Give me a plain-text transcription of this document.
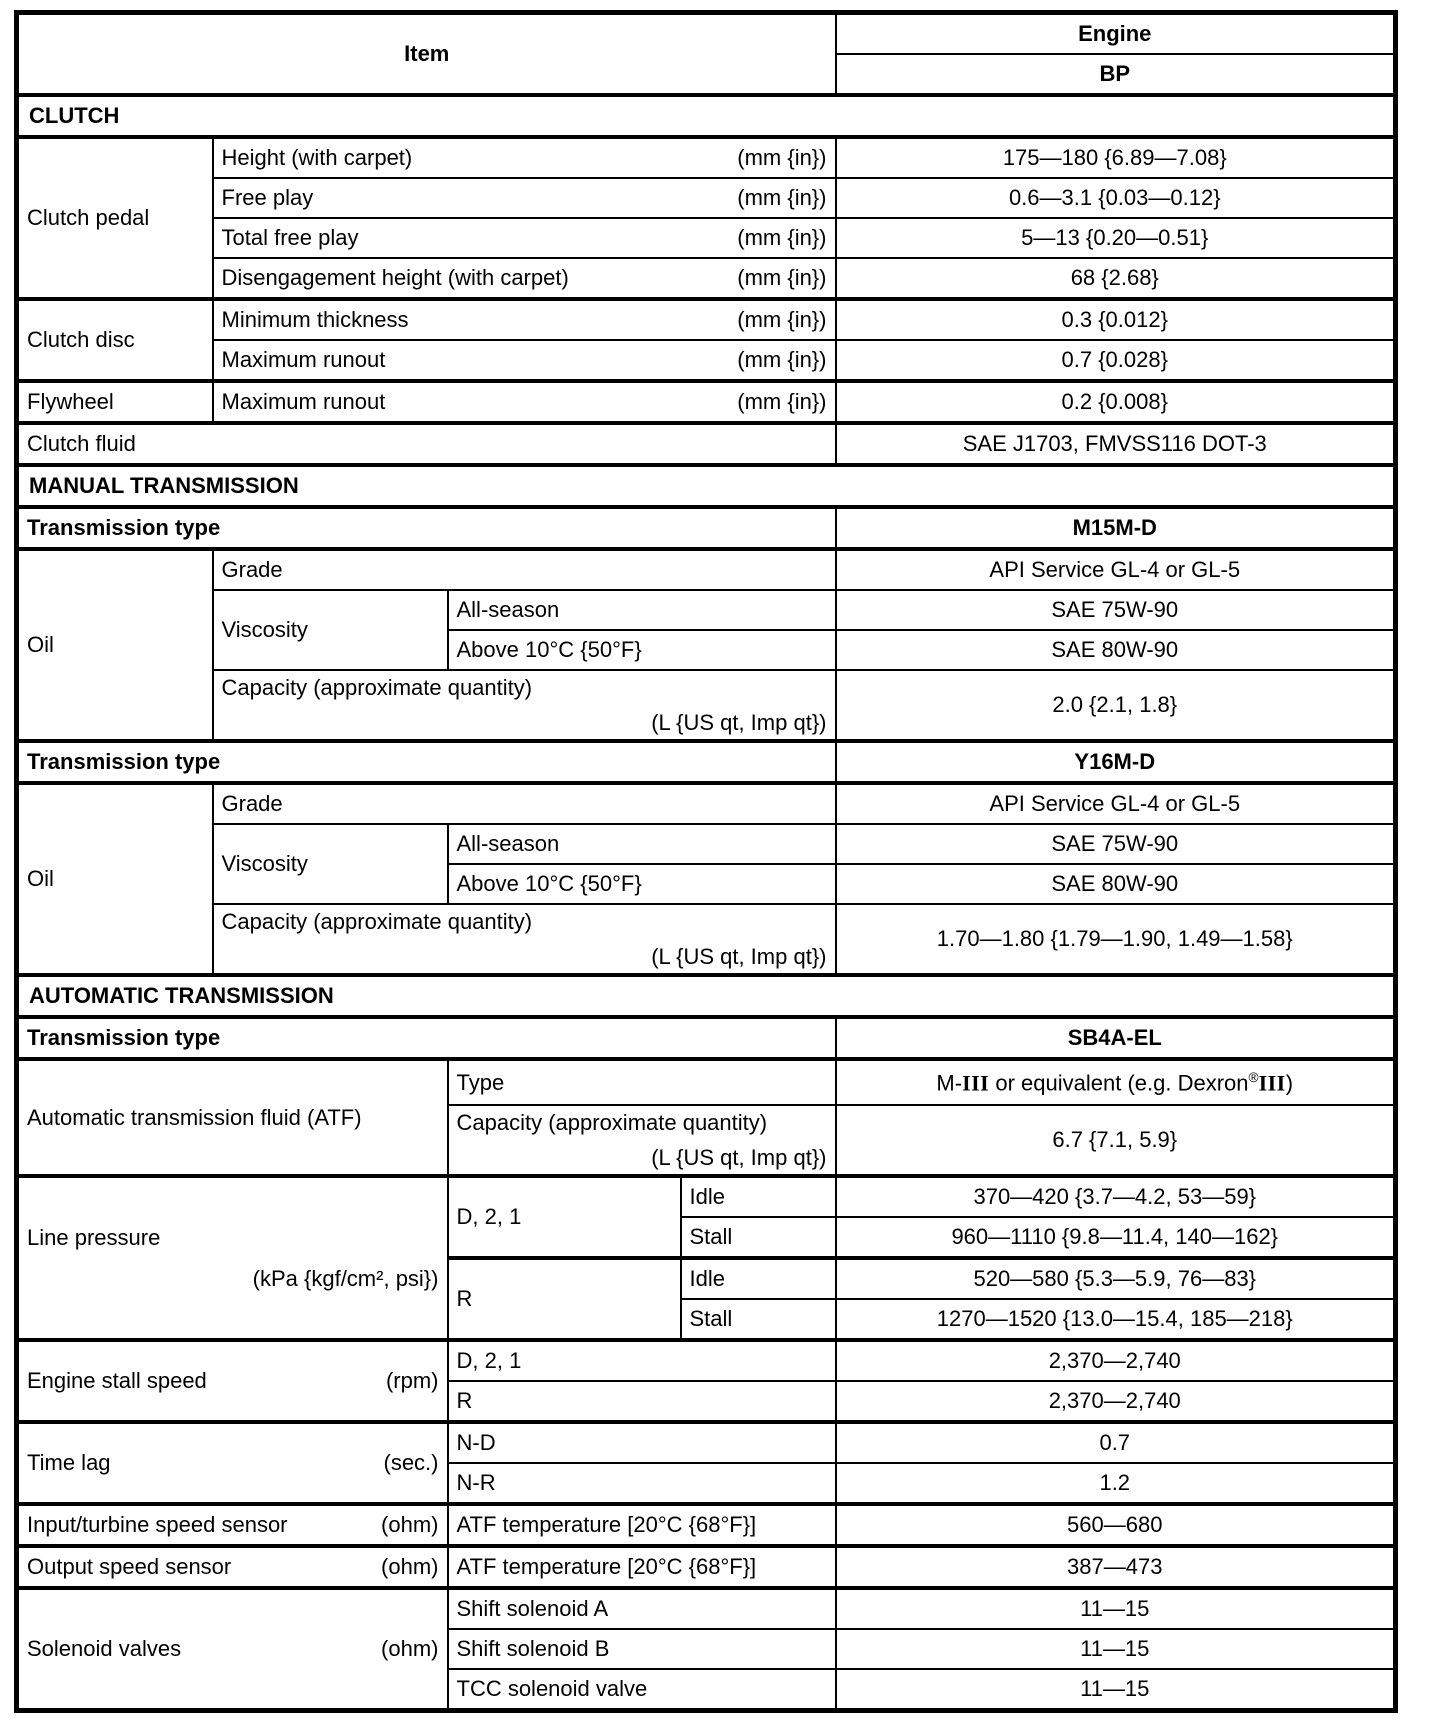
Item				Engine
				BP
CLUTCH				
Clutch pedal	Height (with carpet) (mm {in})			175—180 {6.89—7.08}

	Free play (mm {in})			0.6—3.1 {0.03—0.12}

	Total free play (mm {in})			5—13 {0.20—0.51}

	Disengagement height (with carpet) (mm {in})			68 {2.68}
Clutch disc	Minimum thickness (mm {in})			0.3 {0.012}

	Maximum runout (mm {in})			0.7 {0.028}
Flywheel	Maximum runout (mm {in})			0.2 {0.008}
Clutch fluid				SAE J1703, FMVSS116 DOT-3
MANUAL TRANSMISSION				
Transmission type				M15M-D
Oil	Grade			API Service GL-4 or GL-5
	Viscosity	All-season		SAE 75W-90
		Above 10°C {50°F}		SAE 80W-90

	Capacity (approximate quantity)
(L {US qt, Imp qt})			2.0 {2.1, 1.8}
Transmission type				Y16M-D
Oil	Grade			API Service GL-4 or GL-5
	Viscosity	All-season		SAE 75W-90
		Above 10°C {50°F}		SAE 80W-90

	Capacity (approximate quantity)
(L {US qt, Imp qt})			1.70—1.80 {1.79—1.90, 1.49—1.58}
AUTOMATIC TRANSMISSION				
Transmission type				SB4A-EL
Automatic transmission fluid (ATF)		Type		M-III or equivalent (e.g. Dexron®III)

		Capacity (approximate quantity)
(L {US qt, Imp qt})		6.7 {7.1, 5.9}

Line pressure
(kPa {kgf/cm², psi})		D, 2, 1	Idle	370—420 {3.7—4.2, 53—59}
			Stall	960—1110 {9.8—11.4, 140—162}
		R	Idle	520—580 {5.3—5.9, 76—83}
			Stall	1270—1520 {13.0—15.4, 185—218}

Engine stall speed (rpm)		D, 2, 1		2,370—2,740
		R		2,370—2,740

Time lag (sec.)		N-D		0.7
		N-R		1.2

Input/turbine speed sensor (ohm)		ATF temperature [20°C {68°F}]		560—680

Output speed sensor (ohm)		ATF temperature [20°C {68°F}]		387—473

Solenoid valves (ohm)		Shift solenoid A		11—15
		Shift solenoid B		11—15
		TCC solenoid valve		11—15
